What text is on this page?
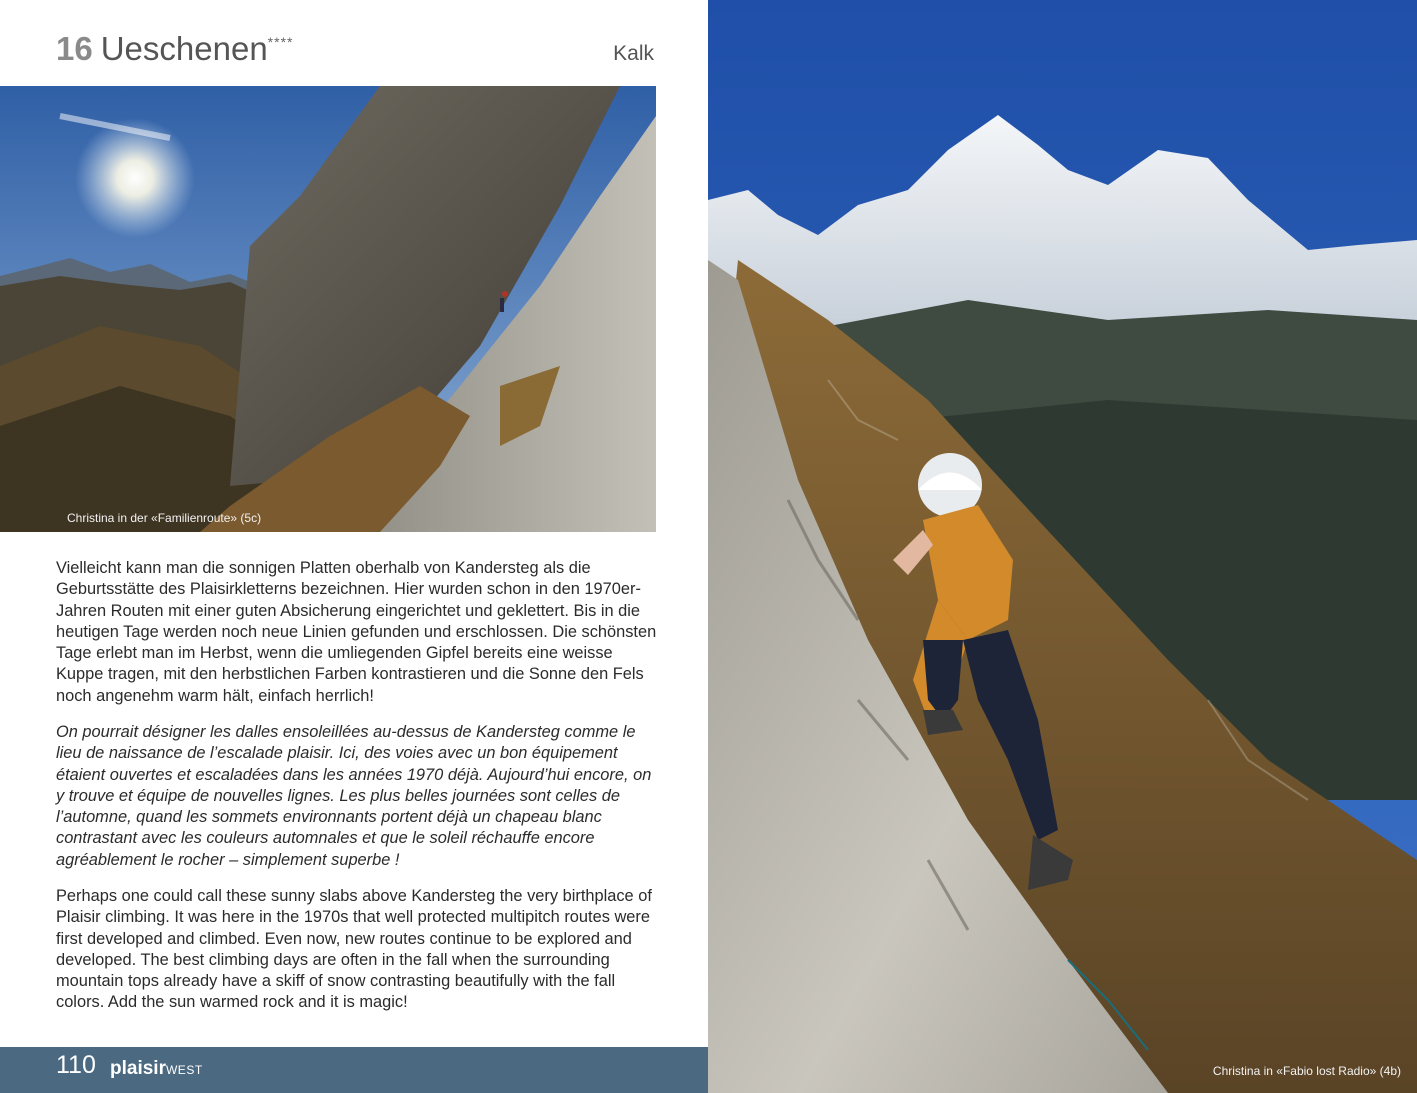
16 Ueschenen****	Kalk
Christina in der «Familienroute» (5c)

Vielleicht kann man die sonnigen Platten oberhalb von Kandersteg als die Geburtsstätte des Plaisirkletterns bezeichnen. Hier wurden schon in den 1970er-Jahren Routen mit einer guten Absicherung eingerichtet und geklettert. Bis in die heutigen Tage werden noch neue Linien gefunden und erschlossen. Die schönsten Tage erlebt man im Herbst, wenn die umliegenden Gipfel bereits eine weisse Kuppe tragen, mit den herbstlichen Farben kontrastieren und die Sonne den Fels noch angenehm warm hält, einfach herrlich!

On pourrait désigner les dalles ensoleillées au-dessus de Kandersteg comme le lieu de naissance de l’escalade plaisir. Ici, des voies avec un bon équipement étaient ouvertes et escaladées dans les années 1970 déjà. Aujourd’hui encore, on y trouve et équipe de nouvelles lignes. Les plus belles journées sont celles de l’automne, quand les sommets environnants portent déjà un chapeau blanc contrastant avec les couleurs automnales et que le soleil réchauffe encore agréablement le rocher – simplement superbe !

Perhaps one could call these sunny slabs above Kandersteg the very birthplace of Plaisir climbing. It was here in the 1970s that well protected multipitch routes were first developed and climbed. Even now, new routes continue to be explored and developed. The best climbing days are often in the fall when the surrounding mountain tops already have a skiff of snow contrasting beautifully with the fall colors. Add the sun warmed rock and it is magic!

110 plaisirWEST	Christina in «Fabio lost Radio» (4b)
